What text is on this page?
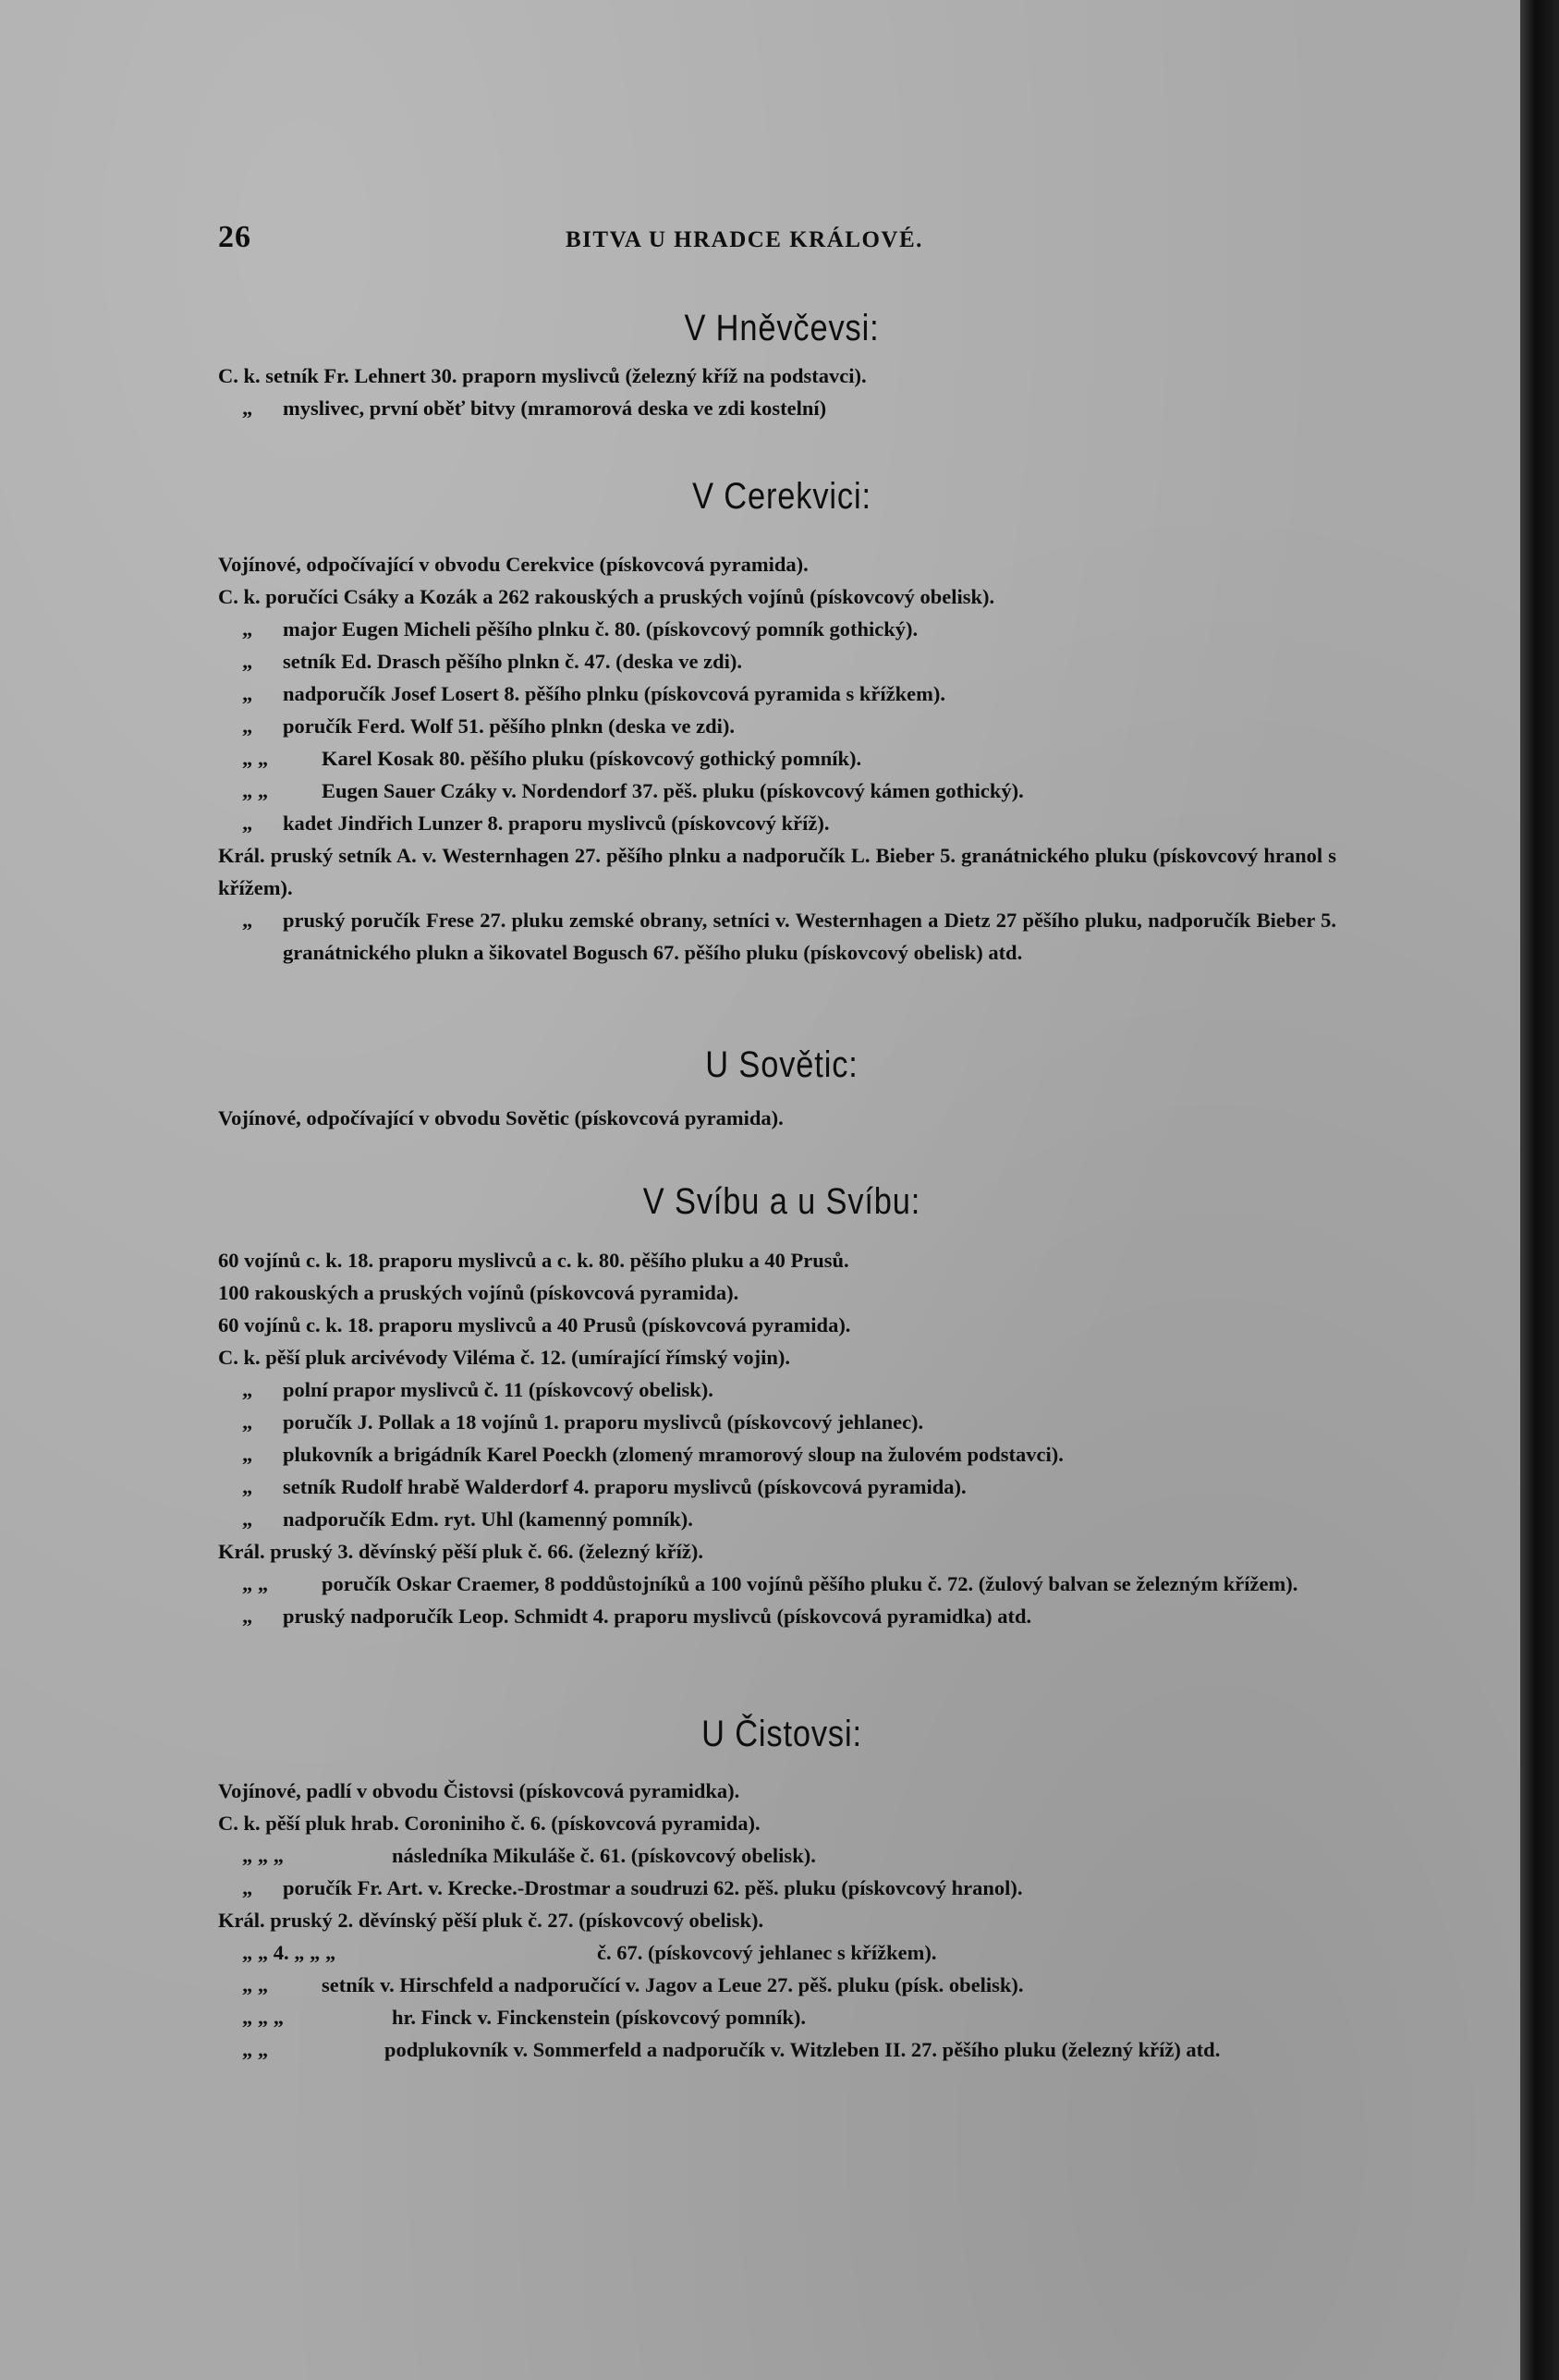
26	BITVA U HRADCE KRÁLOVÉ.
V Hněvčevsi:
C. k. setník Fr. Lehnert 30. praporn myslivců (železný kříž na podstavci).
„ myslivec, první oběť bitvy (mramorová deska ve zdi kostelní)
V Cerekvici:
Vojínové, odpočívající v obvodu Cerekvice (pískovcová pyramida).
C. k. poručíci Csáky a Kozák a 262 rakouských a pruských vojínů (pískovcový obelisk).
„ major Eugen Micheli pěšího plnku č. 80. (pískovcový pomník gothický).
„ setník Ed. Drasch pěšího plnkn č. 47. (deska ve zdi).
„ nadporučík Josef Losert 8. pěšího plnku (pískovcová pyramida s křížkem).
„ poručík Ferd. Wolf 51. pěšího plnkn (deska ve zdi).
„ „	Karel Kosak 80. pěšího pluku (pískovcový gothický pomník).
„ „	Eugen Sauer Czáky v. Nordendorf 37. pěš. pluku (pískovcový kámen gothický).
„ kadet Jindřich Lunzer 8. praporu myslivců (pískovcový kříž).
Král. pruský setník A. v. Westernhagen 27. pěšího plnku a nadporučík L. Bieber 5. granátnického pluku (pískovcový hranol s křížem).
„ pruský poručík Frese 27. pluku zemské obrany, setníci v. Westernhagen a Dietz 27 pěšího pluku, nadporučík Bieber 5. granátnického plukn a šikovatel Bogusch 67. pěšího pluku (pískovcový obelisk) atd.
U Sovětic:
Vojínové, odpočívající v obvodu Sovětic (pískovcová pyramida).
V Svíbu a u Svíbu:
60 vojínů c. k. 18. praporu myslivců a c. k. 80. pěšího pluku a 40 Prusů.
100 rakouských a pruských vojínů (pískovcová pyramida).
60 vojínů c. k. 18. praporu myslivců a 40 Prusů (pískovcová pyramida).
C. k. pěší pluk arcivévody Viléma č. 12. (umírající římský vojin).
„ polní prapor myslivců č. 11 (pískovcový obelisk).
„ poručík J. Pollak a 18 vojínů 1. praporu myslivců (pískovcový jehlanec).
„ plukovník a brigádník Karel Poeckh (zlomený mramorový sloup na žulovém podstavci).
„ setník Rudolf hrabě Walderdorf 4. praporu myslivců (pískovcová pyramida).
„ nadporučík Edm. ryt. Uhl (kamenný pomník).
Král. pruský 3. děvínský pěší pluk č. 66. (železný kříž).
„ „	poručík Oskar Craemer, 8 poddůstojníků a 100 vojínů pěšího pluku č. 72. (žulový balvan se železným křížem).
„ pruský nadporučík Leop. Schmidt 4. praporu myslivců (pískovcová pyramidka) atd.
U Čistovsi:
Vojínové, padlí v obvodu Čistovsi (pískovcová pyramidka).
C. k. pěší pluk hrab. Coroniniho č. 6. (pískovcová pyramida).
„ „ „	následníka Mikuláše č. 61. (pískovcový obelisk).
„ poručík Fr. Art. v. Krecke.-Drostmar a soudruzi 62. pěš. pluku (pískovcový hranol).
Král. pruský 2. děvínský pěší pluk č. 27. (pískovcový obelisk).
„ „ 4. „ „ „	č. 67. (pískovcový jehlanec s křížkem).
„ „	setník v. Hirschfeld a nadporučící v. Jagov a Leue 27. pěš. pluku (písk. obelisk).
„ „ „	hr. Finck v. Finckenstein (pískovcový pomník).
„ „	podplukovník v. Sommerfeld a nadporučík v. Witzleben II. 27. pěšího pluku (železný kříž) atd.
